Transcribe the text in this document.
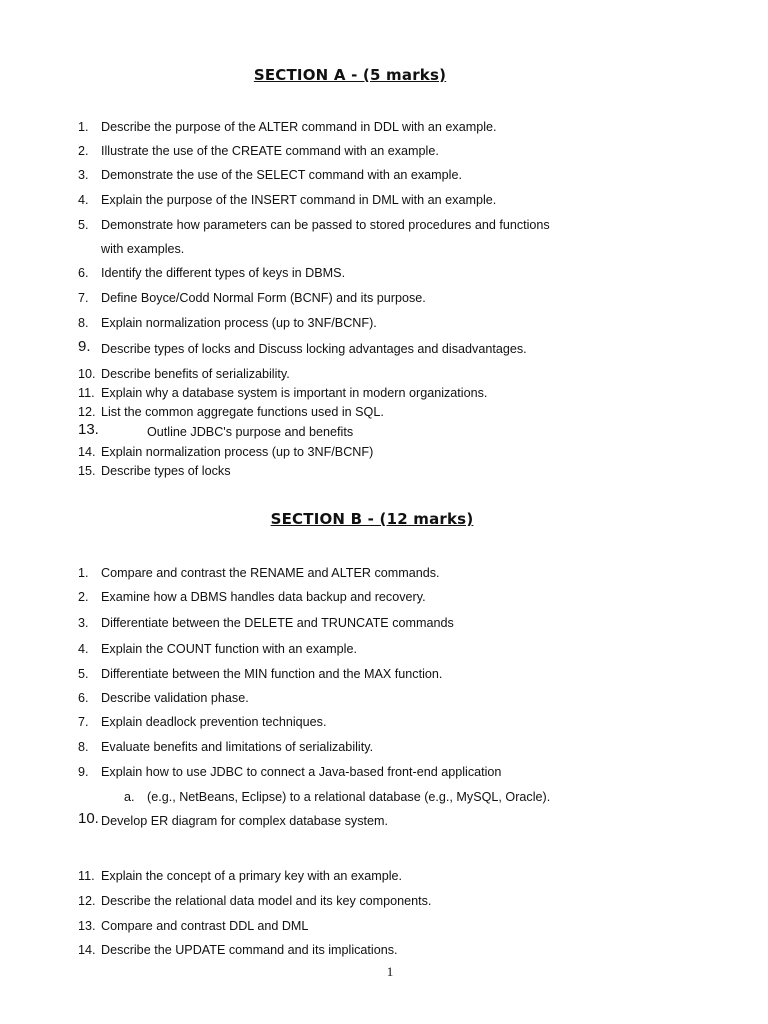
SECTION A - (5 marks)
1. Describe the purpose of the ALTER command in DDL with an example.
2. Illustrate the use of the CREATE command with an example.
3. Demonstrate the use of the SELECT command with an example.
4. Explain the purpose of the INSERT command in DML with an example.
5. Demonstrate how parameters can be passed to stored procedures and functions
with examples.
6. Identify the different types of keys in DBMS.
7. Define Boyce/Codd Normal Form (BCNF) and its purpose.
8. Explain normalization process (up to 3NF/BCNF).
9. Describe types of locks and Discuss locking advantages and disadvantages.
10. Describe benefits of serializability.
11. Explain why a database system is important in modern organizations.
12. List the common aggregate functions used in SQL.
13.	Outline JDBC's purpose and benefits
14. Explain normalization process (up to 3NF/BCNF)
15. Describe types of locks
SECTION B - (12 marks)
1. Compare and contrast the RENAME and ALTER commands.
2. Examine how a DBMS handles data backup and recovery.
3. Differentiate between the DELETE and TRUNCATE commands
4. Explain the COUNT function with an example.
5. Differentiate between the MIN function and the MAX function.
6. Describe validation phase.
7. Explain deadlock prevention techniques.
8. Evaluate benefits and limitations of serializability.
9. Explain how to use JDBC to connect a Java-based front-end application
a. (e.g., NetBeans, Eclipse) to a relational database (e.g., MySQL, Oracle).
10. Develop ER diagram for complex database system.
11. Explain the concept of a primary key with an example.
12. Describe the relational data model and its key components.
13. Compare and contrast DDL and DML
14. Describe the UPDATE command and its implications.
1
